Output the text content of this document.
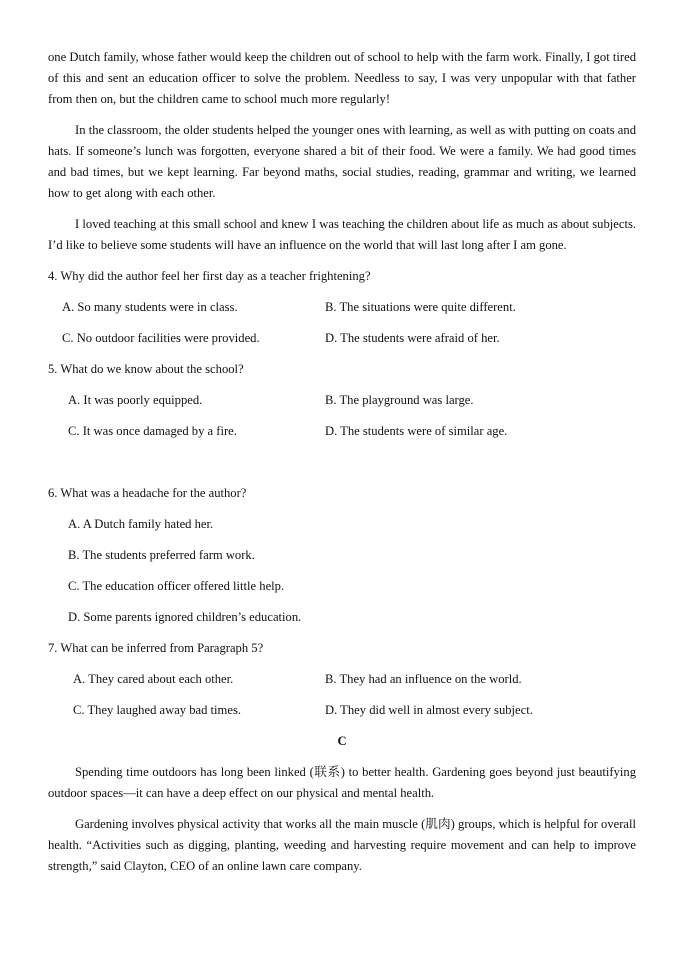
one Dutch family, whose father would keep the children out of school to help with the farm work. Finally, I got tired of this and sent an education officer to solve the problem. Needless to say, I was very unpopular with that father from then on, but the children came to school much more regularly!

In the classroom, the older students helped the younger ones with learning, as well as with putting on coats and hats. If someone’s lunch was forgotten, everyone shared a bit of their food. We were a family. We had good times and bad times, but we kept learning. Far beyond maths, social studies, reading, grammar and writing, we learned how to get along with each other.

I loved teaching at this small school and knew I was teaching the children about life as much as about subjects. I’d like to believe some students will have an influence on the world that will last long after I am gone.

4. Why did the author feel her first day as a teacher frightening?
A. So many students were in class.	B. The situations were quite different.
C. No outdoor facilities were provided.	D. The students were afraid of her.
5. What do we know about the school?
A. It was poorly equipped.	B. The playground was large.
C. It was once damaged by a fire.	D. The students were of similar age.
6. What was a headache for the author?
A. A Dutch family hated her.
B. The students preferred farm work.
C. The education officer offered little help.
D. Some parents ignored children’s education.
7. What can be inferred from Paragraph 5?
A. They cared about each other.	B. They had an influence on the world.
C. They laughed away bad times.	D. They did well in almost every subject.
C

Spending time outdoors has long been linked (联系) to better health. Gardening goes beyond just beautifying outdoor spaces—it can have a deep effect on our physical and mental health.

Gardening involves physical activity that works all the main muscle (肌肉) groups, which is helpful for overall health. “Activities such as digging, planting, weeding and harvesting require movement and can help to improve strength,” said Clayton, CEO of an online lawn care company.
